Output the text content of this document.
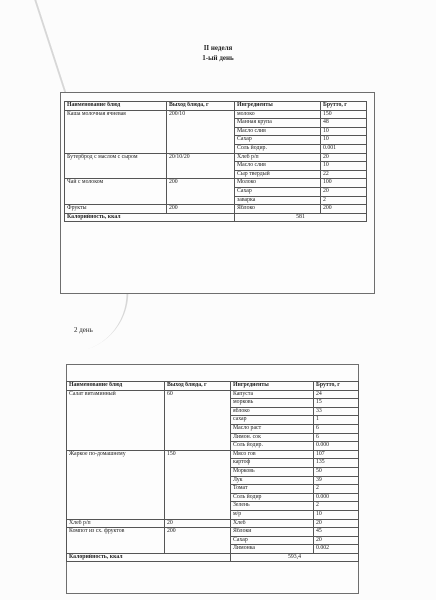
II неделя
1-ый день
Наименование блюд	Выход блюда, г	Ингредиенты	Брутто, г
Каша молочная ячневая	200/10	молоко	150
		Манная крупа	48
		Масло слив	10
		Сахар	10
		Соль йодир.	0.001
Бутерброд с маслом с сыром	20/10/20	Хлеб р/п	20
		Масло слив	10
		Сыр твердый	22
Чай с молоком	200	Молоко	100
		Сахар	20
		заварка	2
Фрукты	200	Яблоко	200
Калорийность, ккал		581	
2 день
Наименование блюд	Выход блюда, г	Ингредиенты	Брутто, г
Салат витаминный	60	Капуста	24
		морковь	15
		яблоко	33
		сахар	1
		Масло раст	6
		Лимон. сок	6
		Соль йодир.	0.000
Жаркое по-домашнему	150	Мясо гов	107
		картоф	135
		Морковь	50
		Лук	39
		Томат	2
		Соль йодир	0.000
		Зелень	2
		м/р	10
Хлеб р/п	20	Хлеб	20
Компот из сх. фруктов	200	Яблоки	45
		Сахар	20
		Лимонка	0.002
Калорийность, ккал		593,4	
